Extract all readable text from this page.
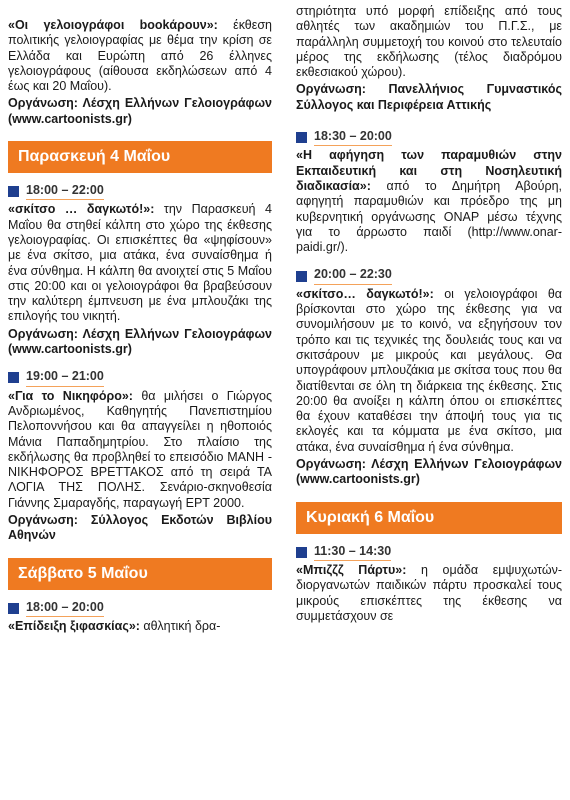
«Οι γελοιογράφοι bookάρουν»: έκθεση πολιτικής γελοιογραφίας με θέμα την κρίση σε Ελλάδα και Ευρώπη από 26 έλληνες γελοιογράφους (αίθουσα εκδηλώσεων από 4 έως και 20 Μαΐου).
Οργάνωση: Λέσχη Ελλήνων Γελοιογράφων (www.cartoonists.gr)
Παρασκευή 4 Μαΐου
18:00 – 22:00
«σκίτσο … δαγκωτό!»: την Παρασκευή 4 Μαΐου θα στηθεί κάλπη στο χώρο της έκθεσης γελοιογραφίας. Οι επισκέπτες θα «ψηφίσουν» με ένα σκίτσο, μια ατάκα, ένα συναίσθημα ή ένα σύνθημα. Η κάλπη θα ανοιχτεί στις 5 Μαΐου στις 20:00 και οι γελοιογράφοι θα βραβεύσουν την καλύτερη έμπνευση με ένα μπλουζάκι της επιλογής του νικητή.
Οργάνωση: Λέσχη Ελλήνων Γελοιογράφων (www.cartoonists.gr)
19:00 – 21:00
«Για το Νικηφόρο»: θα μιλήσει ο Γιώργος Ανδριωμένος, Καθηγητής Πανεπιστημίου Πελοποννήσου και θα απαγγείλει η ηθοποιός Μάνια Παπαδημητρίου. Στο πλαίσιο της εκδήλωσης θα προβληθεί το επεισόδιο ΜΑΝΗ - ΝΙΚΗΦΟΡΟΣ ΒΡΕΤΤΑΚΟΣ από τη σειρά ΤΑ ΛΟΓΙΑ ΤΗΣ ΠΟΛΗΣ. Σενάριο-σκηνοθεσία Γιάννης Σμαραγδής, παραγωγή ΕΡΤ 2000.
Οργάνωση: Σύλλογος Εκδοτών Βιβλίου Αθηνών
Σάββατο 5 Μαΐου
18:00 – 20:00
«Επίδειξη ξιφασκίας»: αθλητική δρα-
στηριότητα υπό μορφή επίδειξης από τους αθλητές των ακαδημιών του Π.Γ.Σ., με παράλληλη συμμετοχή του κοινού στο τελευταίο μέρος της εκδήλωσης (τέλος διαδρόμου εκθεσιακού χώρου).
Οργάνωση: Πανελλήνιος Γυμναστικός Σύλλογος και Περιφέρεια Αττικής
18:30 – 20:00
«Η αφήγηση των παραμυθιών στην Εκπαιδευτική και στη Νοσηλευτική διαδικασία»: από το Δημήτρη Αβούρη, αφηγητή παραμυθιών και πρόεδρο της μη κυβερνητική οργάνωσης ONAP μέσω τέχνης για το άρρωστο παιδί (http://www.onar-paidi.gr/).
20:00 – 22:30
«σκίτσο… δαγκωτό!»: οι γελοιογράφοι θα βρίσκονται στο χώρο της έκθεσης για να συνομιλήσουν με το κοινό, να εξηγήσουν τον τρόπο και τις τεχνικές της δουλειάς τους και να σκιτσάρουν με μικρούς και μεγάλους. Θα υπογράφουν μπλουζάκια με σκίτσα τους που θα διατίθενται σε όλη τη διάρκεια της έκθεσης. Στις 20:00 θα ανοίξει η κάλπη όπου οι επισκέπτες θα έχουν καταθέσει την άποψή τους για τις εκλογές και τα κόμματα με ένα σκίτσο, μια ατάκα, ένα συναίσθημα ή ένα σύνθημα.
Οργάνωση: Λέσχη Ελλήνων Γελοιογράφων (www.cartoonists.gr)
Κυριακή 6 Μαΐου
11:30 – 14:30
«Μπιζζζ Πάρτυ»: η ομάδα εμψυχωτών-διοργανωτών παιδικών πάρτυ προσκαλεί τους μικρούς επισκέπτες της έκθεσης να συμμετάσχουν σε
